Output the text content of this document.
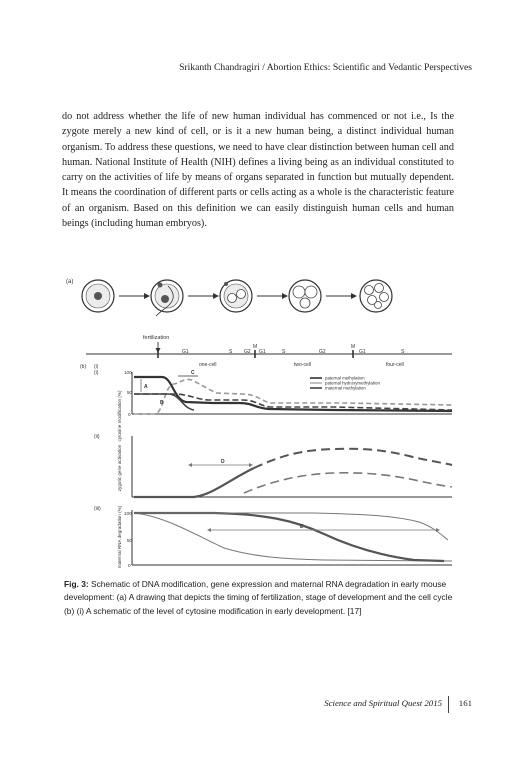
Srikanth Chandragiri / Abortion Ethics: Scientific and Vedantic Perspectives
do not address whether the life of new human individual has commenced or not i.e., Is the zygote merely a new kind of cell, or is it a new human being, a distinct individual human organism. To address these questions, we need to have clear distinction between human cell and human. National Institute of Health (NIH) defines a living being as an individual constituted to carry on the activities of life by means of organs separated in function but mutually dependent. It means the coordination of different parts or cells acting as a whole is the characteristic feature of an organism. Based on this definition we can easily distinguish human cells and human beings (including human embryos).
(a)
fertilization
(b) (i)
G1	S G2
M
G1	S	G2
M
G1	S
one-cell	two-cell	four-cell
(i)
cytosine modification (%)
100
50
0
A
B
C
paternal methylation
paternal hydroxymethylation
maternal methylation
(ii)
zygotic gene activation	D
(iii)	maternal RNA degradation (%) 100
50
0
E
Fig. 3: Schematic of DNA modification, gene expression and maternal RNA degradation in early mouse development: (a) A drawing that depicts the timing of fertilization, stage of development and the cell cycle (b) (i) A schematic of the level of cytosine modification in early development. [17]
Science and Spiritual Quest 2015 161
